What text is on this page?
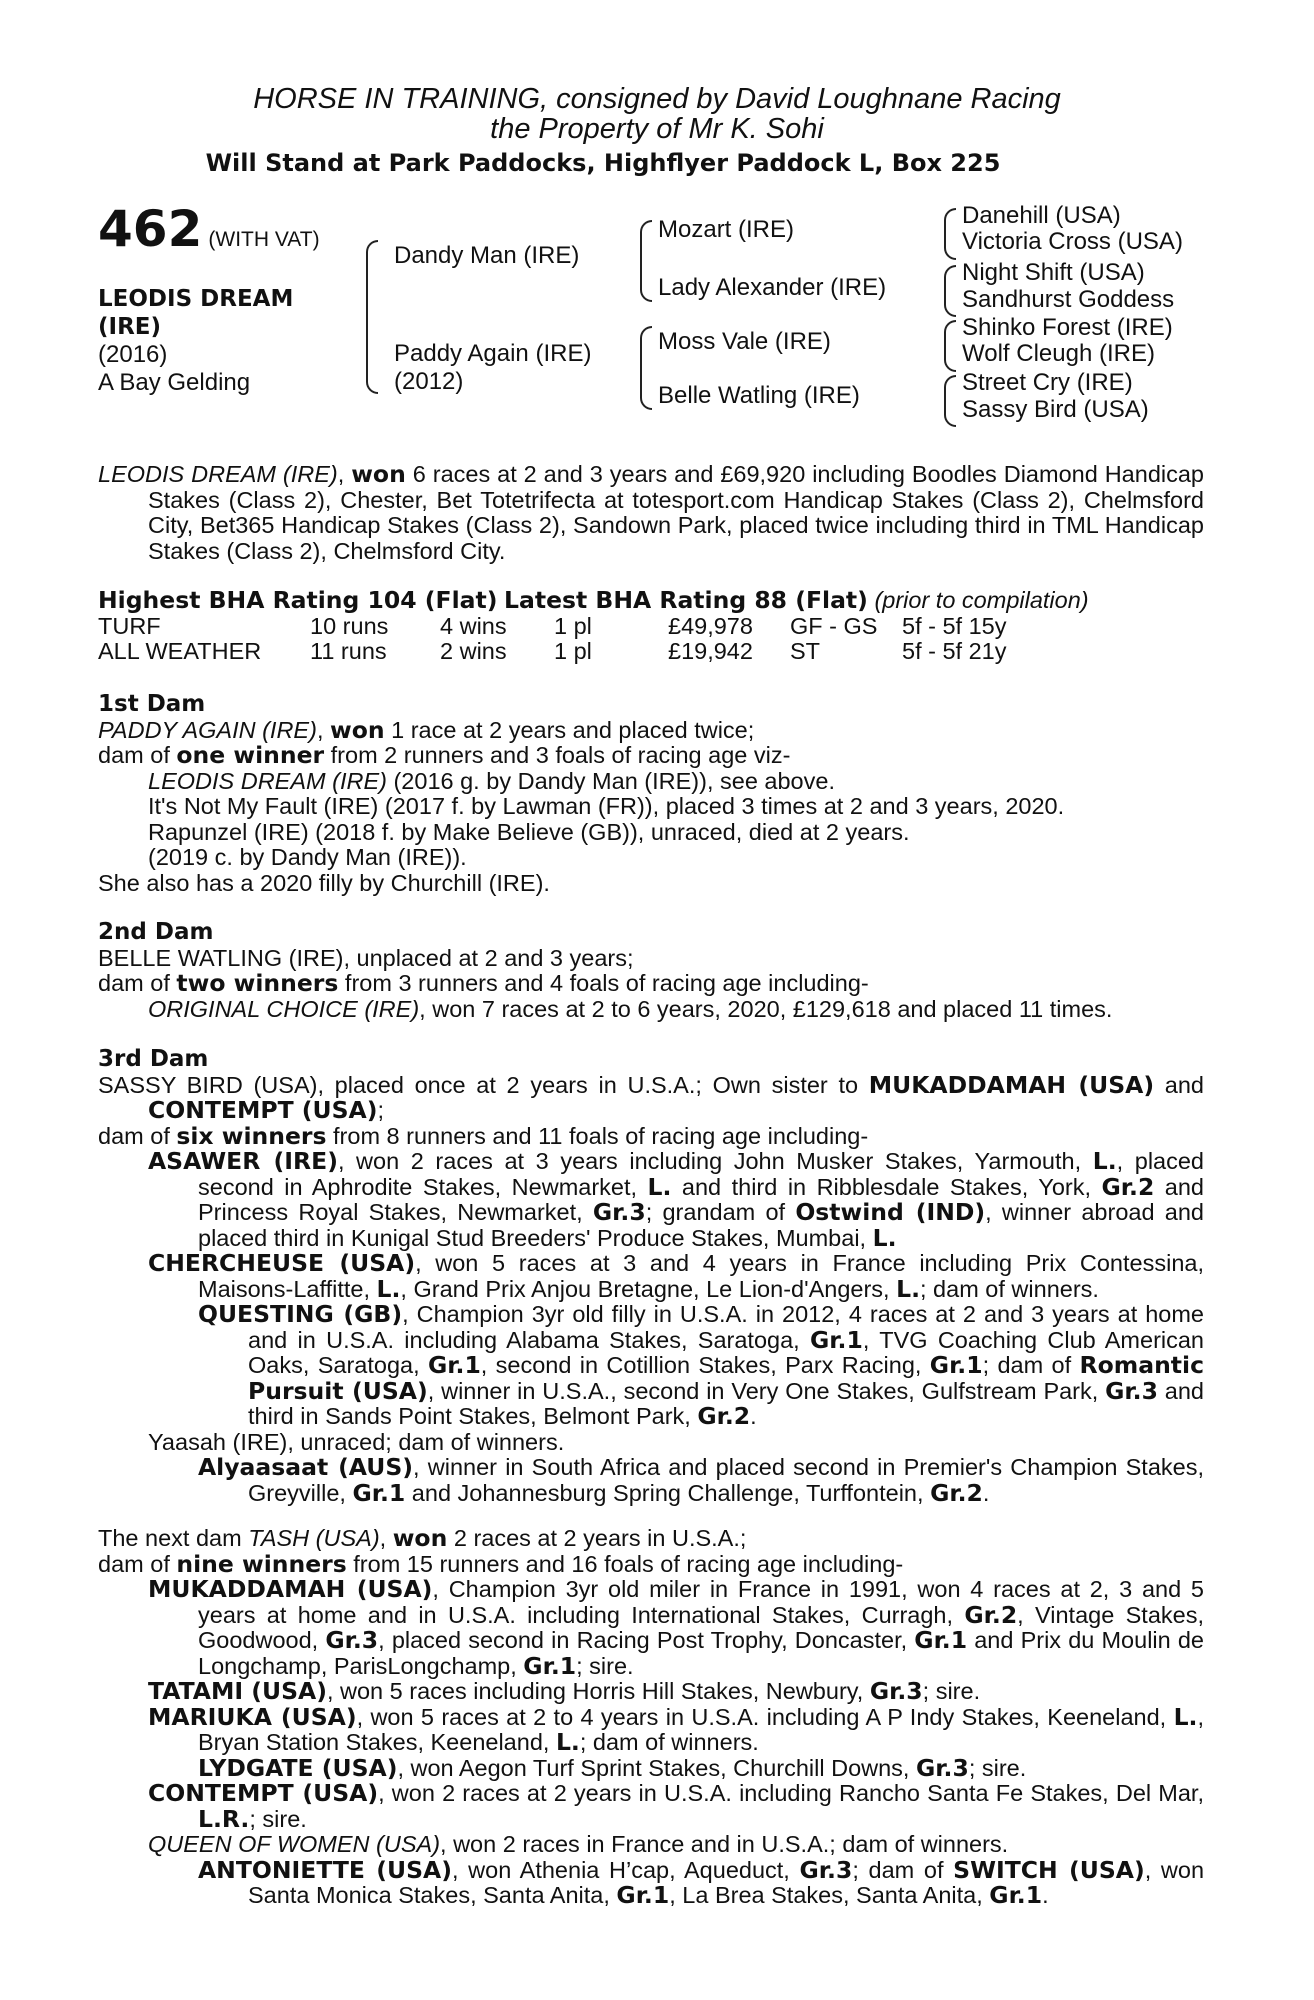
HORSE IN TRAINING, consigned by David Loughnane Racing
the Property of Mr K. Sohi
Will Stand at Park Paddocks, Highflyer Paddock L, Box 225
462 (WITH VAT)
LEODIS DREAM
(IRE)
(2016)
A Bay Gelding
Dandy Man (IRE)
Paddy Again (IRE)
(2012)
Mozart (IRE)
Lady Alexander (IRE)
Moss Vale (IRE)
Belle Watling (IRE)
Danehill (USA)
Victoria Cross (USA)
Night Shift (USA)
Sandhurst Goddess
Shinko Forest (IRE)
Wolf Cleugh (IRE)
Street Cry (IRE)
Sassy Bird (USA)

LEODIS DREAM (IRE), won 6 races at 2 and 3 years and £69,920 including Boodles Diamond Handicap Stakes (Class 2), Chester, Bet Totetrifecta at totesport.com Handicap Stakes (Class 2), Chelmsford City, Bet365 Handicap Stakes (Class 2), Sandown Park, placed twice including third in TML Handicap Stakes (Class 2), Chelmsford City.

Highest BHA Rating 104 (Flat) Latest BHA Rating 88 (Flat) (prior to compilation)
TURF	10 runs 4 wins 1 pl	£49,978 GF - GS 5f - 5f 15y
ALL WEATHER 11 runs 2 wins 1 pl	£19,942 ST	5f - 5f 21y
1st Dam
PADDY AGAIN (IRE), won 1 race at 2 years and placed twice;
dam of one winner from 2 runners and 3 foals of racing age viz-
LEODIS DREAM (IRE) (2016 g. by Dandy Man (IRE)), see above.
It's Not My Fault (IRE) (2017 f. by Lawman (FR)), placed 3 times at 2 and 3 years, 2020.
Rapunzel (IRE) (2018 f. by Make Believe (GB)), unraced, died at 2 years.
(2019 c. by Dandy Man (IRE)).
She also has a 2020 filly by Churchill (IRE).
2nd Dam
BELLE WATLING (IRE), unplaced at 2 and 3 years;
dam of two winners from 3 runners and 4 foals of racing age including-
ORIGINAL CHOICE (IRE), won 7 races at 2 to 6 years, 2020, £129,618 and placed 11 times.
3rd Dam

SASSY BIRD (USA), placed once at 2 years in U.S.A.; Own sister to MUKADDAMAH (USA) and CONTEMPT (USA);

dam of six winners from 8 runners and 11 foals of racing age including-

ASAWER (IRE), won 2 races at 3 years including John Musker Stakes, Yarmouth, L., placed second in Aphrodite Stakes, Newmarket, L. and third in Ribblesdale Stakes, York, Gr.2 and Princess Royal Stakes, Newmarket, Gr.3; grandam of Ostwind (IND), winner abroad and placed third in Kunigal Stud Breeders' Produce Stakes, Mumbai, L.

CHERCHEUSE (USA), won 5 races at 3 and 4 years in France including Prix Contessina, Maisons-Laffitte, L., Grand Prix Anjou Bretagne, Le Lion-d'Angers, L.; dam of winners.

QUESTING (GB), Champion 3yr old filly in U.S.A. in 2012, 4 races at 2 and 3 years at home and in U.S.A. including Alabama Stakes, Saratoga, Gr.1, TVG Coaching Club American Oaks, Saratoga, Gr.1, second in Cotillion Stakes, Parx Racing, Gr.1; dam of Romantic Pursuit (USA), winner in U.S.A., second in Very One Stakes, Gulfstream Park, Gr.3 and third in Sands Point Stakes, Belmont Park, Gr.2.

Yaasah (IRE), unraced; dam of winners.

Alyaasaat (AUS), winner in South Africa and placed second in Premier's Champion Stakes, Greyville, Gr.1 and Johannesburg Spring Challenge, Turffontein, Gr.2.

The next dam TASH (USA), won 2 races at 2 years in U.S.A.;
dam of nine winners from 15 runners and 16 foals of racing age including-

MUKADDAMAH (USA), Champion 3yr old miler in France in 1991, won 4 races at 2, 3 and 5 years at home and in U.S.A. including International Stakes, Curragh, Gr.2, Vintage Stakes, Goodwood, Gr.3, placed second in Racing Post Trophy, Doncaster, Gr.1 and Prix du Moulin de Longchamp, ParisLongchamp, Gr.1; sire.

TATAMI (USA), won 5 races including Horris Hill Stakes, Newbury, Gr.3; sire.

MARIUKA (USA), won 5 races at 2 to 4 years in U.S.A. including A P Indy Stakes, Keeneland, L., Bryan Station Stakes, Keeneland, L.; dam of winners.

LYDGATE (USA), won Aegon Turf Sprint Stakes, Churchill Downs, Gr.3; sire.

CONTEMPT (USA), won 2 races at 2 years in U.S.A. including Rancho Santa Fe Stakes, Del Mar, L.R.; sire.

QUEEN OF WOMEN (USA), won 2 races in France and in U.S.A.; dam of winners.

ANTONIETTE (USA), won Athenia H’cap, Aqueduct, Gr.3; dam of SWITCH (USA), won Santa Monica Stakes, Santa Anita, Gr.1, La Brea Stakes, Santa Anita, Gr.1.
